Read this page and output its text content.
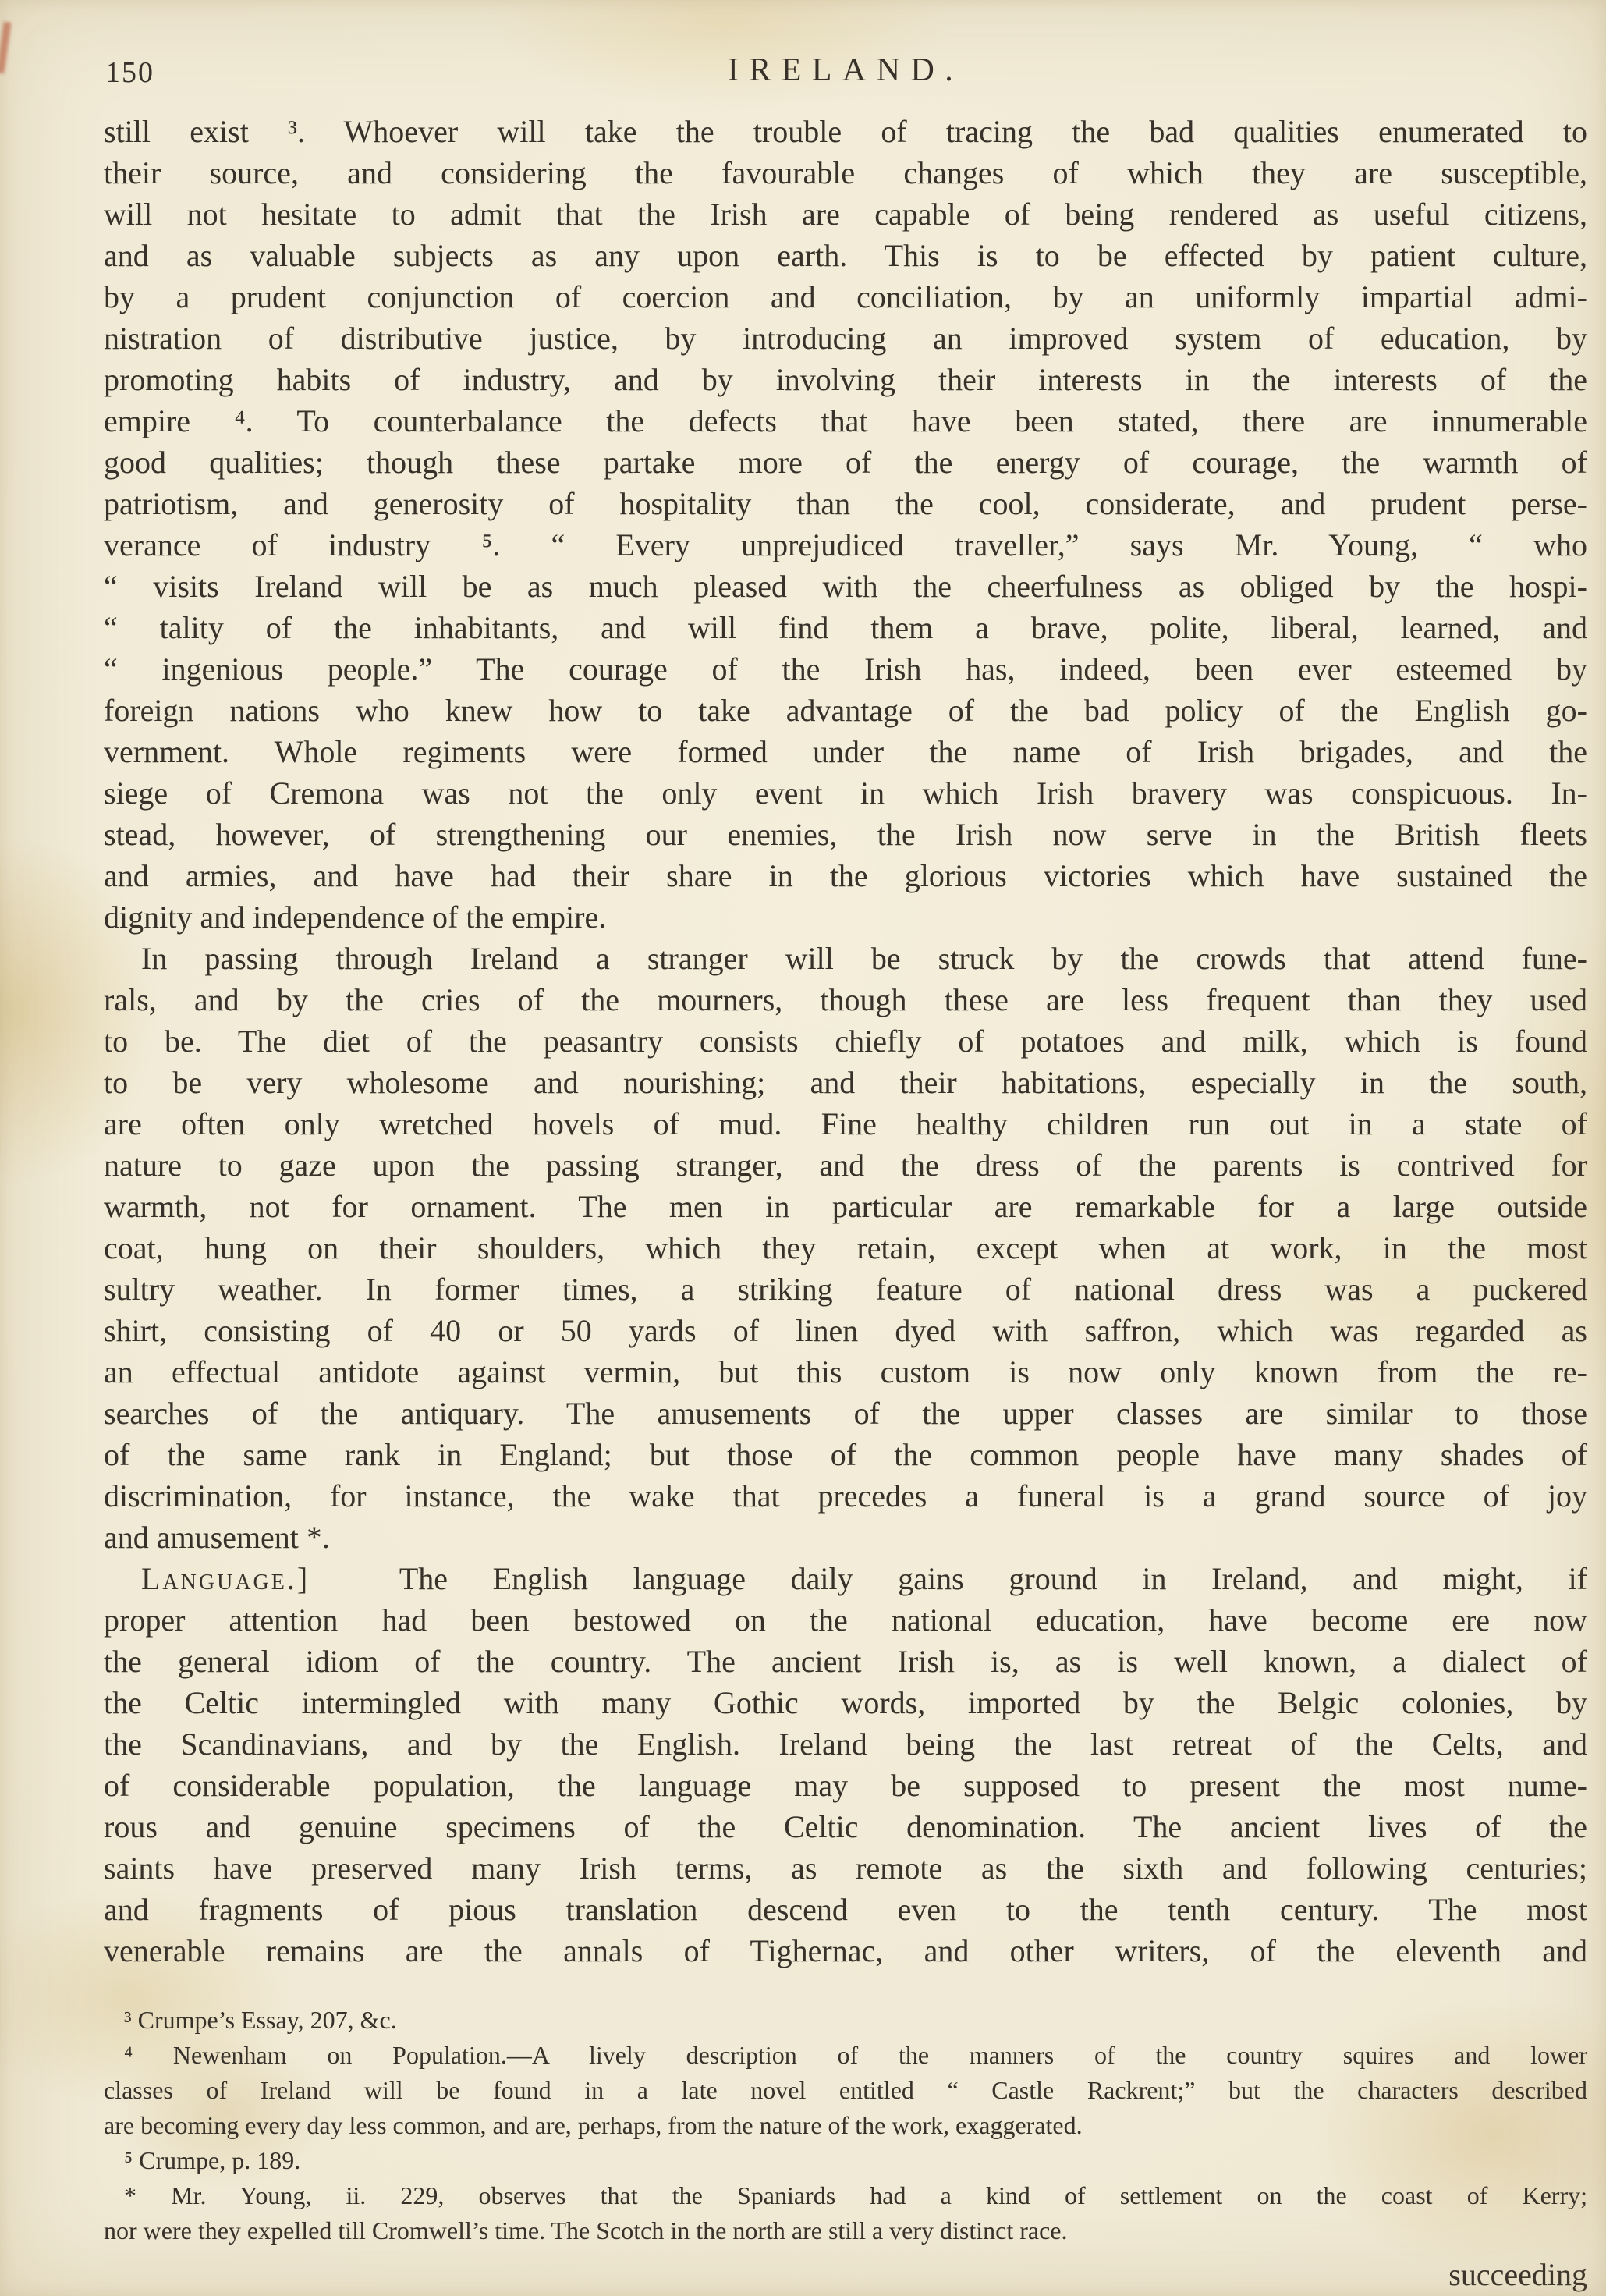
150	IRELAND.
still exist ³. Whoever will take the trouble of tracing the bad qualities enumerated to
their source, and considering the favourable changes of which they are susceptible,
will not hesitate to admit that the Irish are capable of being rendered as useful citizens,
and as valuable subjects as any upon earth. This is to be effected by patient culture,
by a prudent conjunction of coercion and conciliation, by an uniformly impartial admi-
nistration of distributive justice, by introducing an improved system of education, by
promoting habits of industry, and by involving their interests in the interests of the
empire ⁴. To counterbalance the defects that have been stated, there are innumerable
good qualities; though these partake more of the energy of courage, the warmth of
patriotism, and generosity of hospitality than the cool, considerate, and prudent perse-
verance of industry ⁵. “ Every unprejudiced traveller,” says Mr. Young, “ who
“ visits Ireland will be as much pleased with the cheerfulness as obliged by the hospi-
“ tality of the inhabitants, and will find them a brave, polite, liberal, learned, and
“ ingenious people.” The courage of the Irish has, indeed, been ever esteemed by
foreign nations who knew how to take advantage of the bad policy of the English go-
vernment. Whole regiments were formed under the name of Irish brigades, and the
siege of Cremona was not the only event in which Irish bravery was conspicuous. In-
stead, however, of strengthening our enemies, the Irish now serve in the British fleets
and armies, and have had their share in the glorious victories which have sustained the
dignity and independence of the empire.
In passing through Ireland a stranger will be struck by the crowds that attend fune-
rals, and by the cries of the mourners, though these are less frequent than they used
to be. The diet of the peasantry consists chiefly of potatoes and milk, which is found
to be very wholesome and nourishing; and their habitations, especially in the south,
are often only wretched hovels of mud. Fine healthy children run out in a state of
nature to gaze upon the passing stranger, and the dress of the parents is contrived for
warmth, not for ornament. The men in particular are remarkable for a large outside
coat, hung on their shoulders, which they retain, except when at work, in the most
sultry weather. In former times, a striking feature of national dress was a puckered
shirt, consisting of 40 or 50 yards of linen dyed with saffron, which was regarded as
an effectual antidote against vermin, but this custom is now only known from the re-
searches of the antiquary. The amusements of the upper classes are similar to those
of the same rank in England; but those of the common people have many shades of
discrimination, for instance, the wake that precedes a funeral is a grand source of joy
and amusement *.
Language.]  The English language daily gains ground in Ireland, and might, if
proper attention had been bestowed on the national education, have become ere now
the general idiom of the country. The ancient Irish is, as is well known, a dialect of
the Celtic intermingled with many Gothic words, imported by the Belgic colonies, by
the Scandinavians, and by the English. Ireland being the last retreat of the Celts, and
of considerable population, the language may be supposed to present the most nume-
rous and genuine specimens of the Celtic denomination. The ancient lives of the
saints have preserved many Irish terms, as remote as the sixth and following centuries;
and fragments of pious translation descend even to the tenth century. The most
venerable remains are the annals of Tighernac, and other writers, of the eleventh and
³ Crumpe’s Essay, 207, &c.
⁴ Newenham on Population.—A lively description of the manners of the country squires and lower
classes of Ireland will be found in a late novel entitled “ Castle Rackrent;” but the characters described
are becoming every day less common, and are, perhaps, from the nature of the work, exaggerated.
⁵ Crumpe, p. 189.
* Mr. Young, ii. 229, observes that the Spaniards had a kind of settlement on the coast of Kerry;
nor were they expelled till Cromwell’s time. The Scotch in the north are still a very distinct race.
succeeding
